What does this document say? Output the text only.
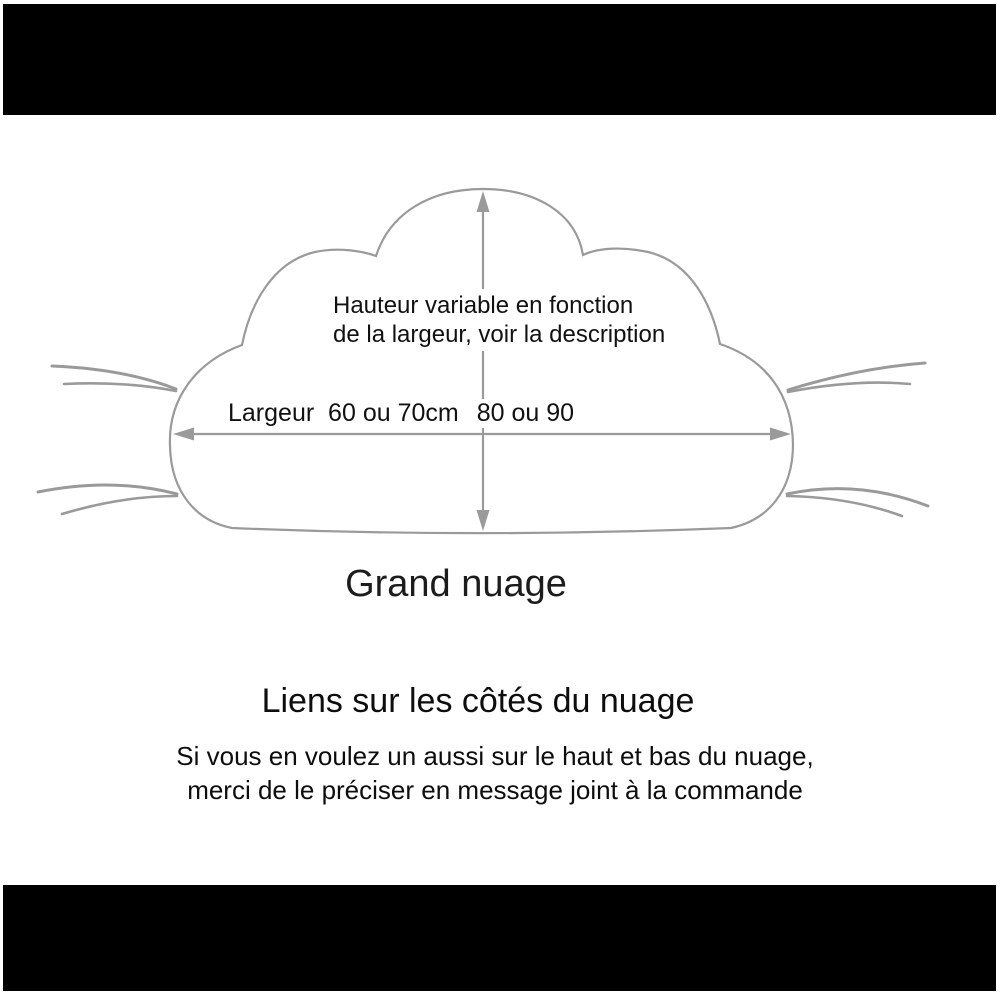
Hauteur variable en fonction
de la largeur, voir la description
Largeur  60 ou 70cm 80 ou 90
Grand nuage
Liens sur les côtés du nuage
Si vous en voulez un aussi sur le haut et bas du nuage,
merci de le préciser en message joint à la commande
